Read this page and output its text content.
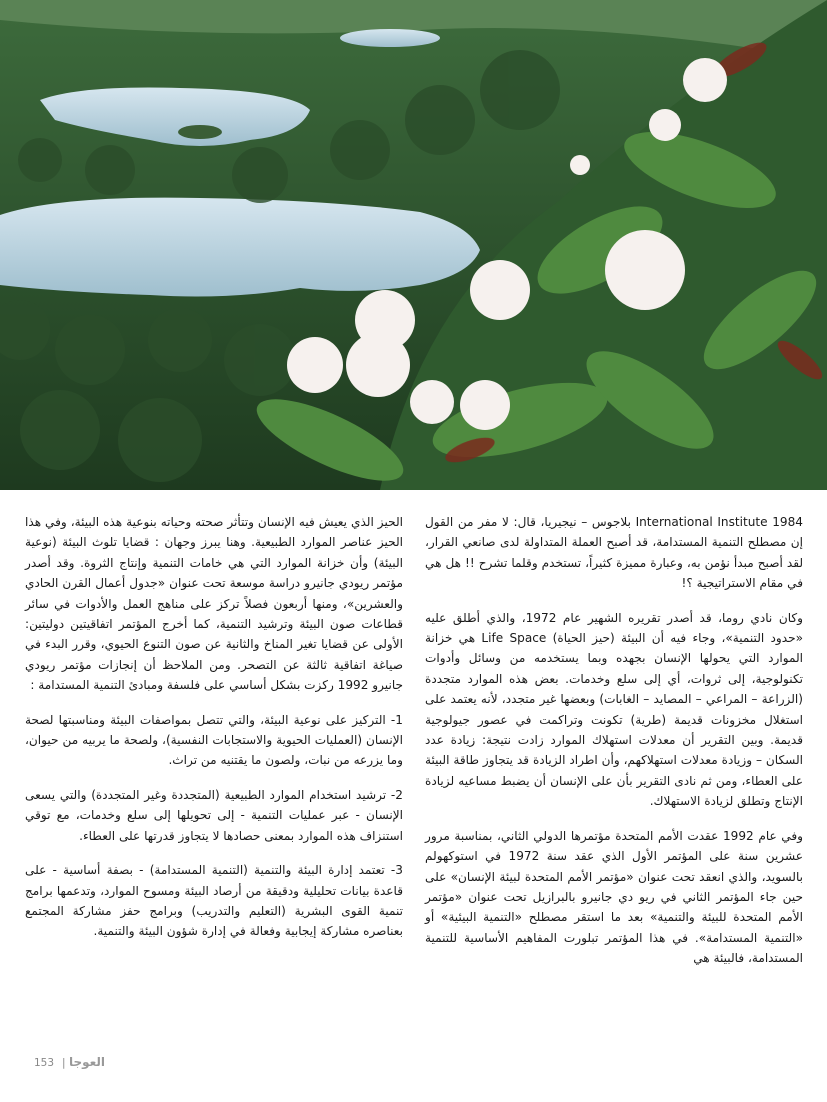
International Institute 1984 بلاجوس – نيجيريا، قال: لا مفر من القول إن مصطلح التنمية المستدامة، قد أصبح العملة المتداولة لدى صانعي القرار، لقد أصبح مبدأ نؤمن به، وعبارة مميزة كثيراً، تستخدم وقلما تشرح !! هل هي في مقام الاستراتيجية ؟!

وكان نادي روما، قد أصدر تقريره الشهير عام 1972، والذي أطلق عليه «حدود التنمية»، وجاء فيه أن البيئة (حيز الحياة) Life Space هي خزانة الموارد التي يحولها الإنسان بجهده وبما يستخدمه من وسائل وأدوات تكنولوجية، إلى ثروات، أي إلى سلع وخدمات. بعض هذه الموارد متجددة (الزراعة – المراعي – المصايد – الغابات) وبعضها غير متجدد، لأنه يعتمد على استغلال مخزونات قديمة (طرية) تكونت وتراكمت في عصور جيولوجية قديمة. وبين التقرير أن معدلات استهلاك الموارد زادت نتيجة: زيادة عدد السكان – وزيادة معدلات استهلاكهم، وأن اطراد الزيادة قد يتجاوز طاقة البيئة على العطاء، ومن ثم نادى التقرير بأن على الإنسان أن يضبط مساعيه لزيادة الإنتاج وتطلق لزيادة الاستهلاك.

وفي عام 1992 عقدت الأمم المتحدة مؤتمرها الدولي الثاني، بمناسبة مرور عشرين سنة على المؤتمر الأول الذي عقد سنة 1972 في استوكهولم بالسويد، والذي انعقد تحت عنوان «مؤتمر الأمم المتحدة لبيئة الإنسان» على حين جاء المؤتمر الثاني في ريو دي جانيرو بالبرازيل تحت عنوان «مؤتمر الأمم المتحدة للبيئة والتنمية» بعد ما استقر مصطلح «التنمية البيئية» أو «التنمية المستدامة». في هذا المؤتمر تبلورت المفاهيم الأساسية للتنمية المستدامة، فالبيئة هي

الحيز الذي يعيش فيه الإنسان وتتأثر صحته وحياته بنوعية هذه البيئة، وفي هذا الحيز عناصر الموارد الطبيعية. وهنا يبرز وجهان : قضايا تلوث البيئة (نوعية البيئة) وأن خزانة الموارد التي هي خامات التنمية وإنتاج الثروة. وقد أصدر مؤتمر ريودي جانيرو دراسة موسعة تحت عنوان «جدول أعمال القرن الحادي والعشرين»، ومنها أربعون فصلاً تركز على مناهج العمل والأدوات في سائر قطاعات صون البيئة وترشيد التنمية، كما أخرج المؤتمر اتفاقيتين دوليتين: الأولى عن قضايا تغير المناخ والثانية عن صون التنوع الحيوي، وقرر البدء في صياغة اتفاقية ثالثة عن التصحر. ومن الملاحظ أن إنجازات مؤتمر ريودي جانيرو 1992 ركزت بشكل أساسي على فلسفة ومبادئ التنمية المستدامة :

1- التركيز على نوعية البيئة، والتي تتصل بمواصفات البيئة ومناسبتها لصحة الإنسان (العمليات الحيوية والاستجابات النفسية)، ولصحة ما يربيه من حيوان، وما يزرعه من نبات، ولصون ما يقتنيه من تراث.

2- ترشيد استخدام الموارد الطبيعية (المتجددة وغير المتجددة) والتي يسعى الإنسان - عبر عمليات التنمية - إلى تحويلها إلى سلع وخدمات، مع توقي استنزاف هذه الموارد بمعنى حصادها لا يتجاوز قدرتها على العطاء.

3- تعتمد إدارة البيئة والتنمية (التنمية المستدامة) - بصفة أساسية - على قاعدة بيانات تحليلية ودقيقة من أرصاد البيئة ومسوح الموارد، وتدعمها برامج تنمية القوى البشرية (التعليم والتدريب) وبرامج حفز مشاركة المجتمع بعناصره مشاركة إيجابية وفعالة في إدارة شؤون البيئة والتنمية.

153 | العوجا
